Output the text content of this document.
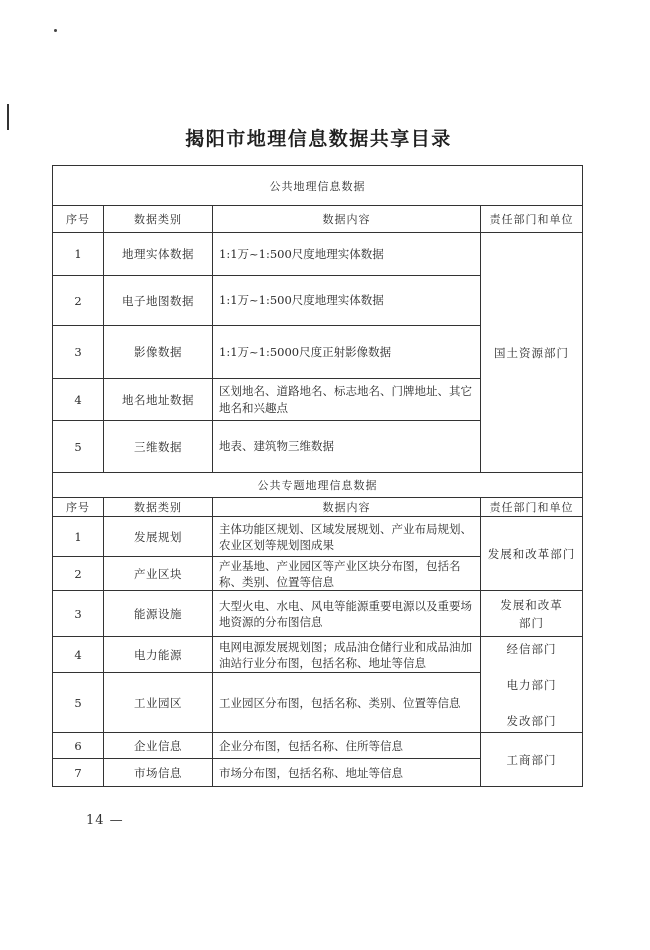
揭阳市地理信息数据共享目录
公共地理信息数据			
序号	数据类别	数据内容	责任部门和单位
1	地理实体数据	1:1万~1:500尺度地理实体数据	国土资源部门
2	电子地图数据	1:1万~1:500尺度地理实体数据	
3	影像数据	1:1万~1:5000尺度正射影像数据	
4	地名地址数据	区划地名、道路地名、标志地名、门牌地址、其它地名和兴趣点	
5	三维数据	地表、建筑物三维数据	
公共专题地理信息数据			
序号	数据类别	数据内容	责任部门和单位
1	发展规划	主体功能区规划、区域发展规划、产业布局规划、农业区划等规划图成果	发展和改革部门
2	产业区块	产业基地、产业园区等产业区块分布图，包括名称、类别、位置等信息	
3	能源设施	大型火电、水电、风电等能源重要电源以及重要场地资源的分布图信息	发展和改革部门
4	电力能源	电网电源发展规划图；成品油仓储行业和成品油加油站行业分布图，包括名称、地址等信息	经信部门
电力部门
发改部门

5	工业园区	工业园区分布图，包括名称、类别、位置等信息	
6	企业信息	企业分布图，包括名称、住所等信息	工商部门
7	市场信息	市场分布图，包括名称、地址等信息	
14 —
